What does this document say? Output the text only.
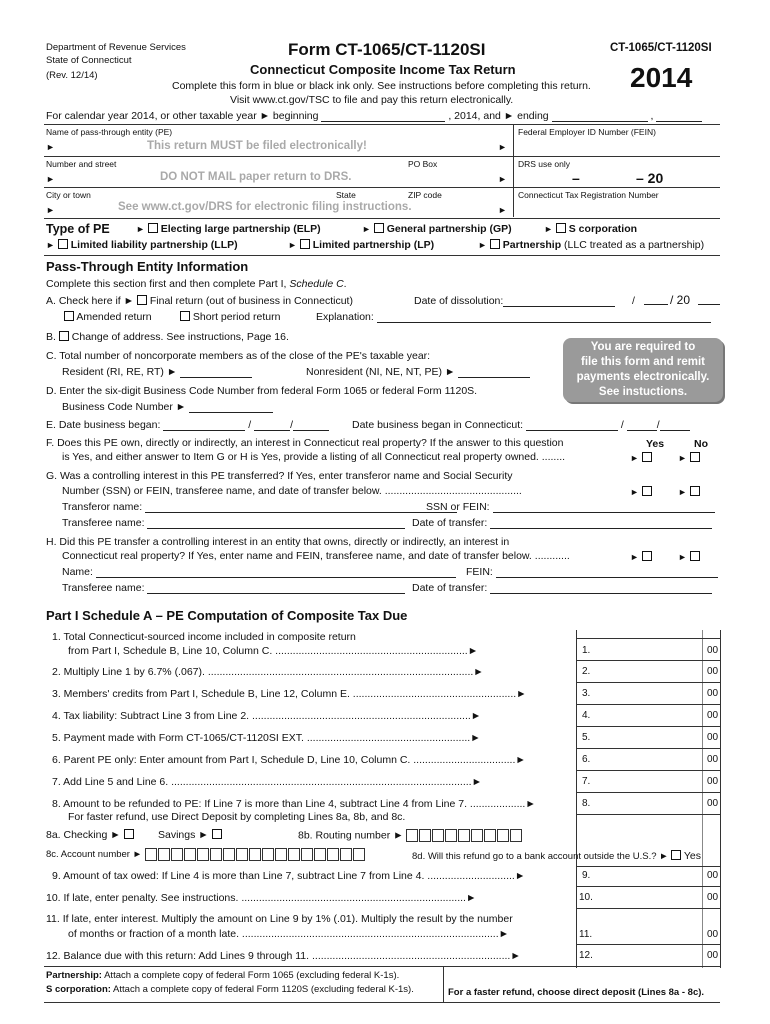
Department of Revenue Services
State of Connecticut
(Rev. 12/14)
Form CT-1065/CT-1120SI
Connecticut Composite Income Tax Return
Complete this form in blue or black ink only. See instructions before completing this return.
Visit www.ct.gov/TSC to file and pay this return electronically.
CT-1065/CT-1120SI
2014
For calendar year 2014, or other taxable year ► beginning	, 2014, and ► ending	,
Name of pass-through entity (PE)	Federal Employer ID Number (FEIN)
►	This return MUST be filed electronically!	►
Number and street	PO Box	DRS use only
►	DO NOT MAIL paper return to DRS.	►	–	– 20
City or town	State	ZIP code	Connecticut Tax Registration Number
►	See www.ct.gov/DRS for electronic filing instructions.	►
Type of PE	► Electing large partnership (ELP)	► General partnership (GP)	► S corporation
► Limited liability partnership (LLP)	► Limited partnership (LP)	► Partnership (LLC treated as a partnership)
Pass-Through Entity Information
Complete this section first and then complete Part I, Schedule C.
A. Check here if ► Final return (out of business in Connecticut)	Date of dissolution:	/	/ 20
Amended return	Short period return	Explanation:
B. Change of address. See instructions, Page 16.
C. Total number of noncorporate members as of the close of the PE's taxable year:
Resident (RI, RE, RT) ►	Nonresident (NI, NE, NT, PE) ►
D. Enter the six-digit Business Code Number from federal Form 1065 or federal Form 1120S.
Business Code Number ►
You are required to
file this form and remit
payments electronically.
See instuctions.
E. Date business began:	/	/	Date business began in Connecticut:	/	/
Yes	No
F. Does this PE own, directly or indirectly, an interest in Connecticut real property? If the answer to this question
is Yes, and either answer to Item G or H is Yes, provide a listing of all Connecticut real property owned. ........	►	►
G. Was a controlling interest in this PE transferred? If Yes, enter transferor name and Social Security
Number (SSN) or FEIN, transferee name, and date of transfer below. ...............................................	►	►
Transferor name:	SSN or FEIN:
Transferee name:	Date of transfer:
H. Did this PE transfer a controlling interest in an entity that owns, directly or indirectly, an interest in
Connecticut real property? If Yes, enter name and FEIN, transferee name, and date of transfer below. ............	►	►
Name:	FEIN:
Transferee name:	Date of transfer:
Part I Schedule A – PE Computation of Composite Tax Due
1. Total Connecticut-sourced income included in composite return
from Part I, Schedule B, Line 10, Column C. ..................................................................►	1.	00
2. Multiply Line 1 by 6.7% (.067). ...........................................................................................►	2.	00
3. Members' credits from Part I, Schedule B, Line 12, Column E. ........................................................►	3.	00
4. Tax liability: Subtract Line 3 from Line 2. ...........................................................................►	4.	00
5. Payment made with Form CT-1065/CT-1120SI EXT. ........................................................►	5.	00
6. Parent PE only: Enter amount from Part I, Schedule D, Line 10, Column C. ...................................►	6.	00
7. Add Line 5 and Line 6. .......................................................................................................►	7.	00
8. Amount to be refunded to PE: If Line 7 is more than Line 4, subtract Line 4 from Line 7. ...................►
For faster refund, use Direct Deposit by completing Lines 8a, 8b, and 8c.
8.	00
8a. Checking ►	Savings ►	8b. Routing number ►
8c. Account number ►	8d. Will this refund go to a bank account outside the U.S.? ► Yes
9. Amount of tax owed: If Line 4 is more than Line 7, subtract Line 7 from Line 4. ..............................►	9.	00
10. If late, enter penalty. See instructions. .............................................................................►	10.	00
11. If late, enter interest. Multiply the amount on Line 9 by 1% (.01). Multiply the result by the number
of months or fraction of a month late. ........................................................................................►	11.	00
12. Balance due with this return: Add Lines 9 through 11. ....................................................................►	12.	00
Partnership: Attach a complete copy of federal Form 1065 (excluding federal K-1s).
S corporation: Attach a complete copy of federal Form 1120S (excluding federal K-1s).	For a faster refund, choose direct deposit (Lines 8a - 8c).
